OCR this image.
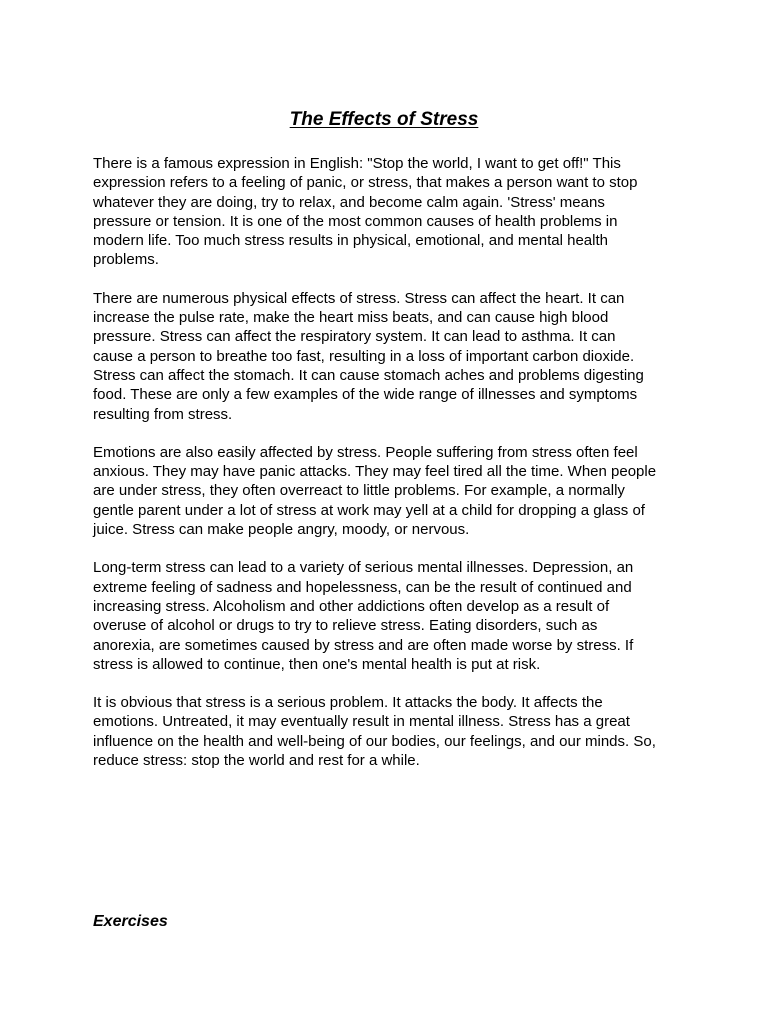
The Effects of Stress

There is a famous expression in English: "Stop the world, I want to get off!" This
expression refers to a feeling of panic, or stress, that makes a person want to stop
whatever they are doing, try to relax, and become calm again. 'Stress' means
pressure or tension. It is one of the most common causes of health problems in
modern life. Too much stress results in physical, emotional, and mental health
problems.

There are numerous physical effects of stress. Stress can affect the heart. It can
increase the pulse rate, make the heart miss beats, and can cause high blood
pressure. Stress can affect the respiratory system. It can lead to asthma. It can
cause a person to breathe too fast, resulting in a loss of important carbon dioxide.
Stress can affect the stomach. It can cause stomach aches and problems digesting
food. These are only a few examples of the wide range of illnesses and symptoms
resulting from stress.

Emotions are also easily affected by stress. People suffering from stress often feel
anxious. They may have panic attacks. They may feel tired all the time. When people
are under stress, they often overreact to little problems. For example, a normally
gentle parent under a lot of stress at work may yell at a child for dropping a glass of
juice. Stress can make people angry, moody, or nervous.

Long-term stress can lead to a variety of serious mental illnesses. Depression, an
extreme feeling of sadness and hopelessness, can be the result of continued and
increasing stress. Alcoholism and other addictions often develop as a result of
overuse of alcohol or drugs to try to relieve stress. Eating disorders, such as
anorexia, are sometimes caused by stress and are often made worse by stress. If
stress is allowed to continue, then one's mental health is put at risk.

It is obvious that stress is a serious problem. It attacks the body. It affects the
emotions. Untreated, it may eventually result in mental illness. Stress has a great
influence on the health and well-being of our bodies, our feelings, and our minds. So,
reduce stress: stop the world and rest for a while.

Exercises
